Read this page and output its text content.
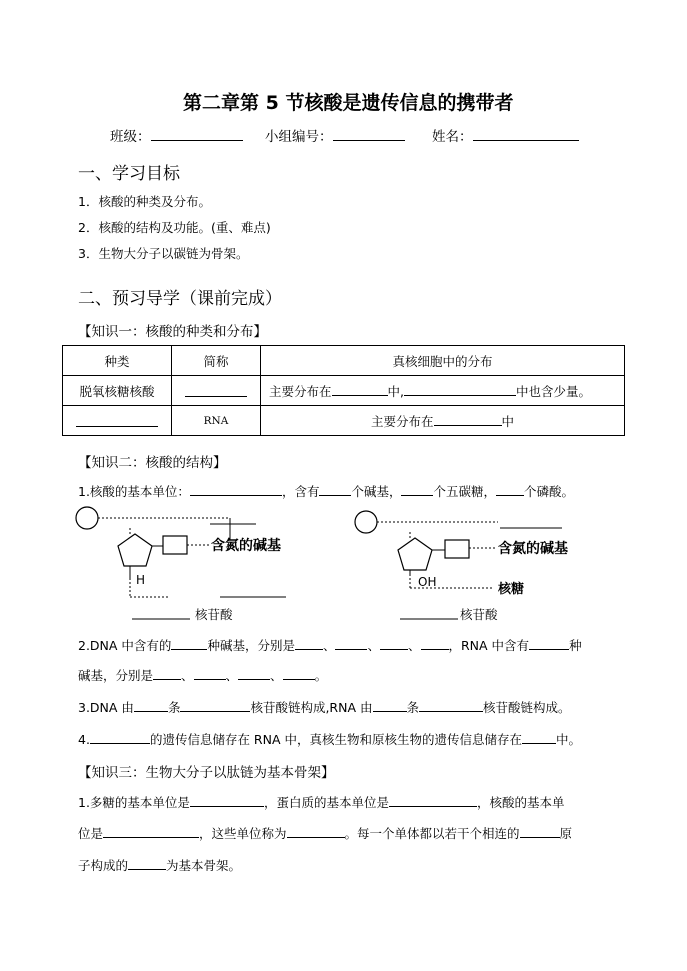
第二章第 5 节核酸是遗传信息的携带者
班级：	小组编号：	姓名：
一、学习目标
1．核酸的种类及分布。
2．核酸的结构及功能。(重、难点)
3．生物大分子以碳链为骨架。
二、预习导学（课前完成）
【知识一：核酸的种类和分布】
种类	简称	真核细胞中的分布
脱氧核糖核酸		主要分布在 中, 中也含少量。
	RNA	主要分布在 中
【知识二：核酸的结构】
1.核酸的基本单位：	，含有	个碱基，	个五碳糖， 个磷酸。
含氮的碱基
H
核苷酸
含氮的碱基
OH	核糖
核苷酸
2.DNA 中含有的	种碱基，分别是 、	、 、 ，RNA 中含有	种
碱基，分别是 、	、	、	。
3.DNA 由	条	核苷酸链构成,RNA 由	条	核苷酸链构成。
4.	的遗传信息储存在 RNA 中，真核生物和原核生物的遗传信息储存在	中。
【知识三：生物大分子以肽链为基本骨架】
1.多糖的基本单位是	，蛋白质的基本单位是	，核酸的基本单
位是	，这些单位称为	。每一个单体都以若干个相连的	原
子构成的	为基本骨架。
